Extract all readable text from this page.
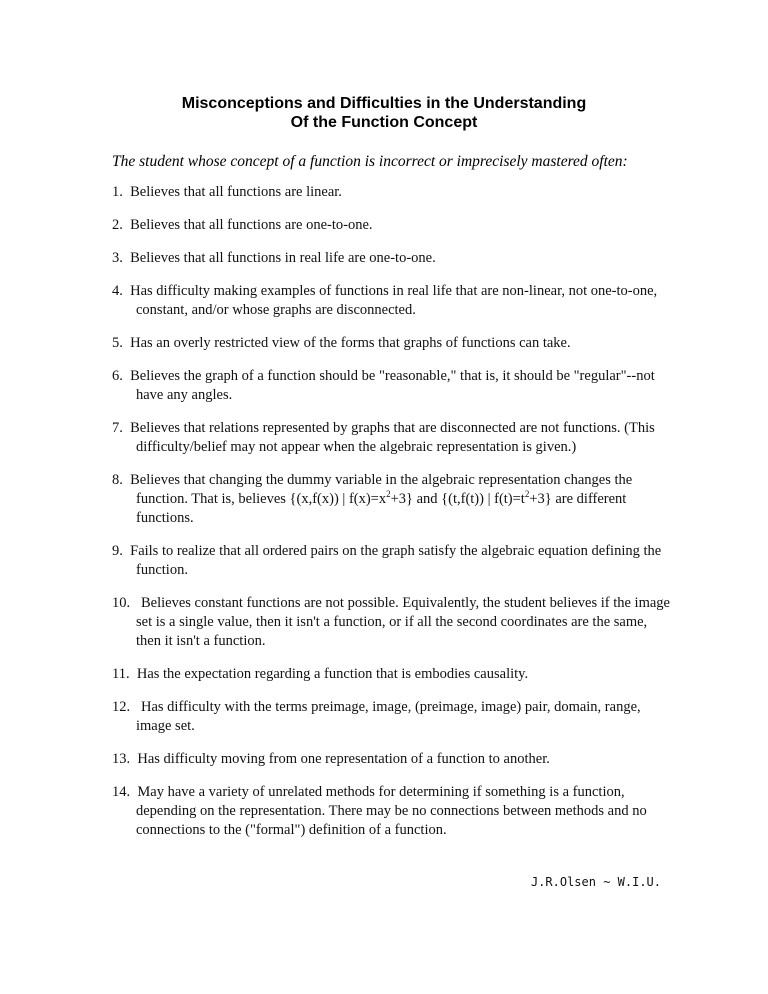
Misconceptions and Difficulties in the Understanding
Of the Function Concept
The student whose concept of a function is incorrect or imprecisely mastered often:
1. Believes that all functions are linear.
2. Believes that all functions are one-to-one.
3. Believes that all functions in real life are one-to-one.
4. Has difficulty making examples of functions in real life that are non-linear, not one-to-one,
constant, and/or whose graphs are disconnected.
5. Has an overly restricted view of the forms that graphs of functions can take.
6. Believes the graph of a function should be "reasonable," that is, it should be "regular"--not
have any angles.
7. Believes that relations represented by graphs that are disconnected are not functions. (This
difficulty/belief may not appear when the algebraic representation is given.)
8. Believes that changing the dummy variable in the algebraic representation changes the
function. That is, believes {(x,f(x)) | $f(x)=x^2+3$} and {(t,f(t)) | $f(t)=t^2+3$} are different
functions.
9. Fails to realize that all ordered pairs on the graph satisfy the algebraic equation defining the
function.
10. Believes constant functions are not possible. Equivalently, the student believes if the image
set is a single value, then it isn't a function, or if all the second coordinates are the same,
then it isn't a function.
11. Has the expectation regarding a function that is embodies causality.
12. Has difficulty with the terms preimage, image, (preimage, image) pair, domain, range,
image set.
13. Has difficulty moving from one representation of a function to another.
14. May have a variety of unrelated methods for determining if something is a function,
depending on the representation. There may be no connections between methods and no
connections to the ("formal") definition of a function.
J.R.Olsen ~ W.I.U.
